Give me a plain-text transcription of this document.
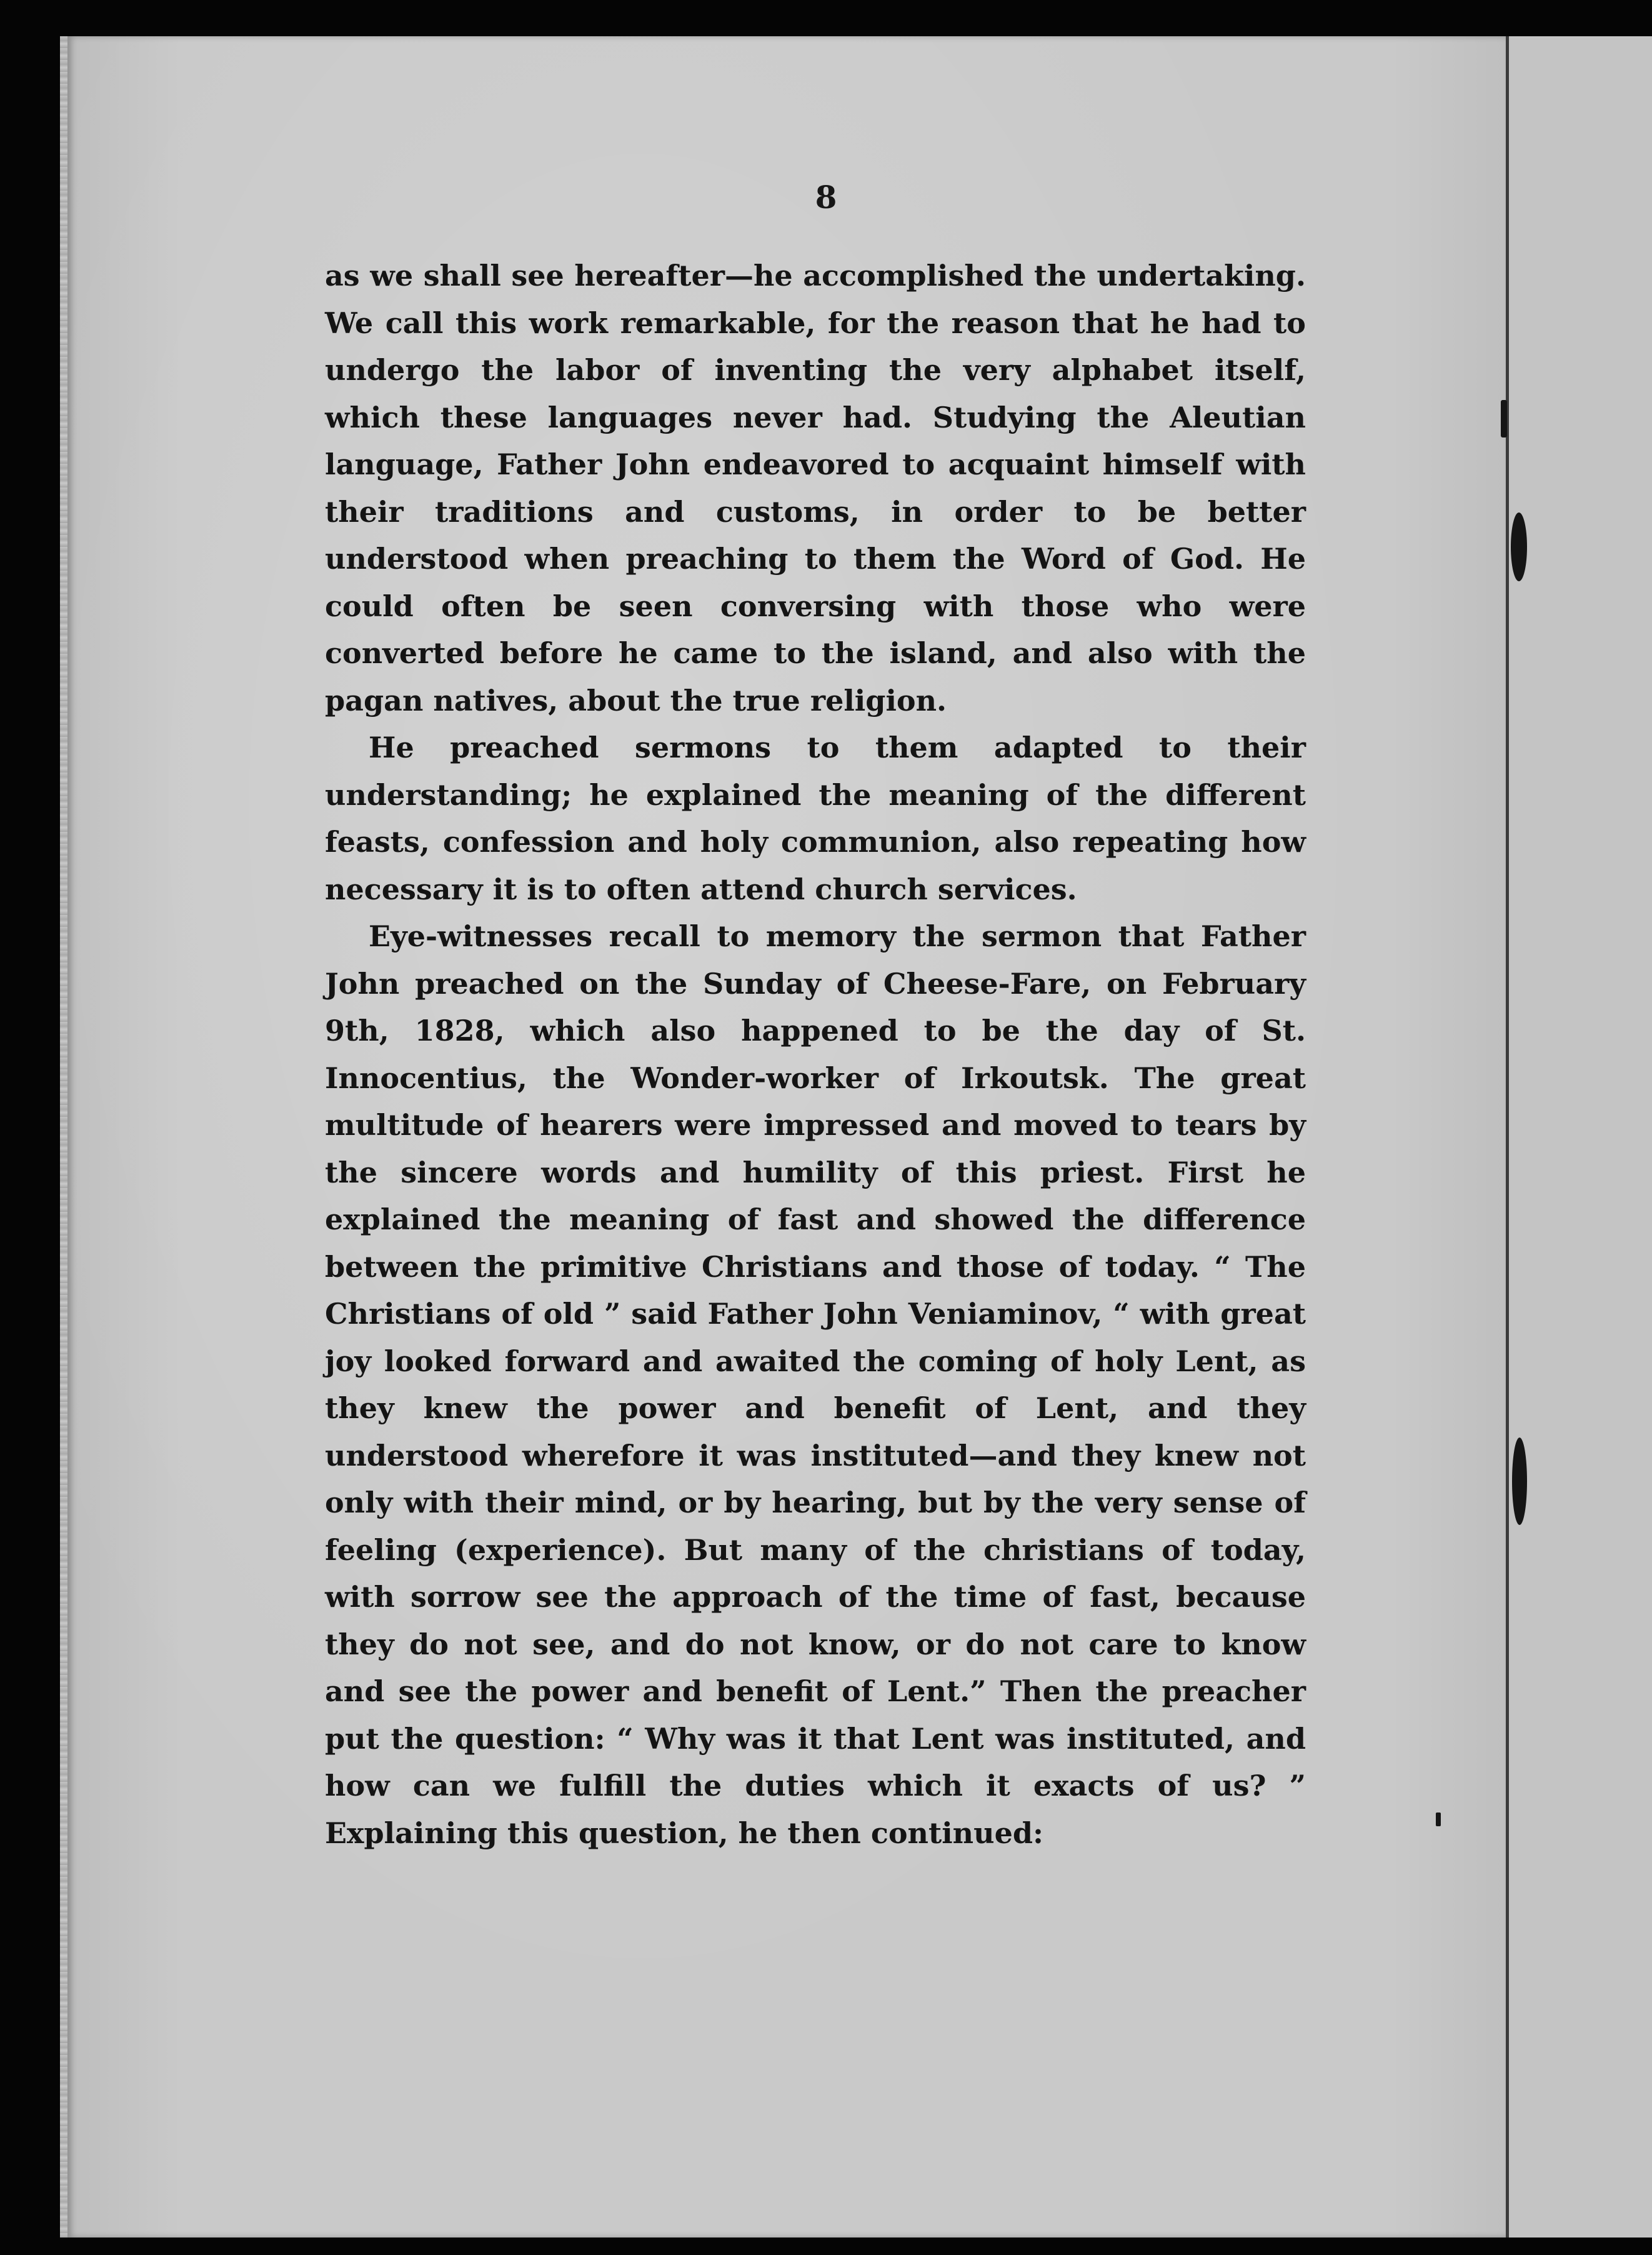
8

as we shall see hereafter—he accomplished the undertaking. We call this work remarkable, for the reason that he had to undergo the labor of inventing the very alphabet itself, which these languages never had. Studying the Aleutian language, Father John endeavored to acquaint himself with their traditions and customs, in order to be better understood when preaching to them the Word of God. He could often be seen conversing with those who were converted before he came to the island, and also with the pagan natives, about the true religion.

He preached sermons to them adapted to their understanding; he explained the meaning of the different feasts, confession and holy communion, also repeating how necessary it is to often attend church services.

Eye-witnesses recall to memory the sermon that Father John preached on the Sunday of Cheese-Fare, on February 9th, 1828, which also happened to be the day of St. Innocentius, the Wonder-worker of Irkoutsk. The great multitude of hearers were impressed and moved to tears by the sincere words and humility of this priest. First he explained the meaning of fast and showed the difference between the primitive Christians and those of today. “ The Christians of old ” said Father John Veniaminov, “ with great joy looked forward and awaited the coming of holy Lent, as they knew the power and benefit of Lent, and they understood wherefore it was instituted—and they knew not only with their mind, or by hearing, but by the very sense of feeling (experience). But many of the christians of today, with sorrow see the approach of the time of fast, because they do not see, and do not know, or do not care to know and see the power and benefit of Lent.” Then the preacher put the question: “ Why was it that Lent was instituted, and how can we fulfill the duties which it exacts of us? ” Explaining this question, he then continued:
